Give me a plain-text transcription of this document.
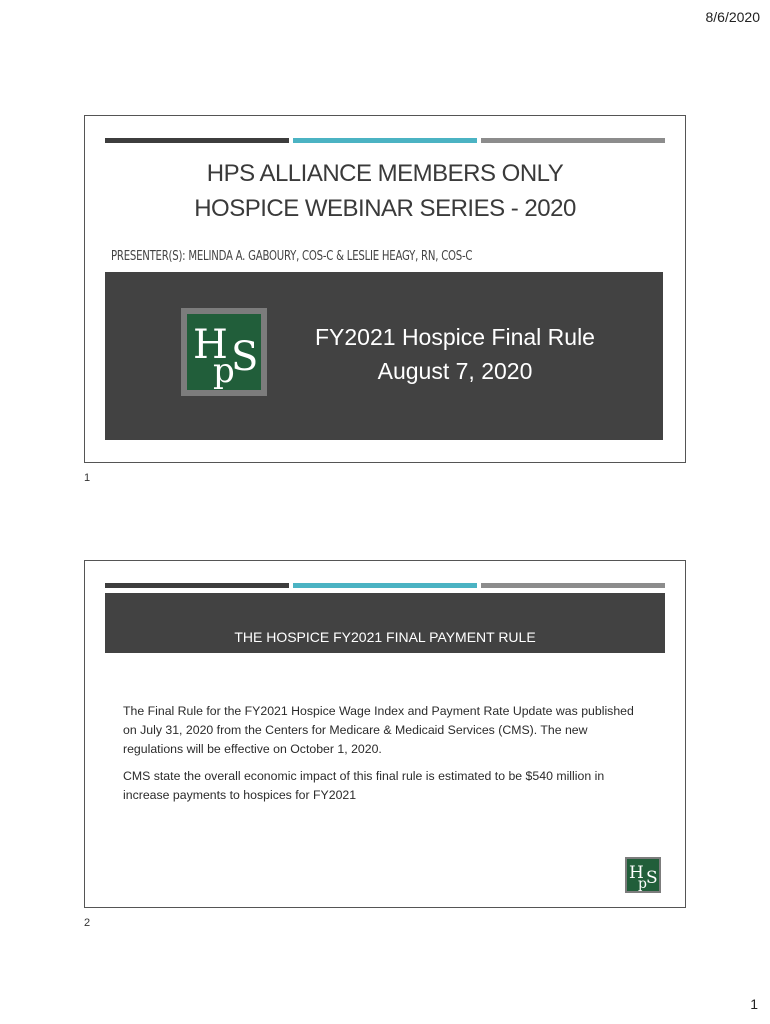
8/6/2020
HPS ALLIANCE MEMBERS ONLY
HOSPICE WEBINAR SERIES - 2020
PRESENTER(S): MELINDA A. GABOURY, COS-C & LESLIE HEAGY, RN, COS-C
H
p
S	FY2021 Hospice Final Rule
August 7, 2020
1
THE HOSPICE FY2021 FINAL PAYMENT RULE

The Final Rule for the FY2021 Hospice Wage Index and Payment Rate Update was published on July 31, 2020 from the Centers for Medicare & Medicaid Services (CMS). The new regulations will be effective on October 1, 2020.

CMS state the overall economic impact of this final rule is estimated to be $540 million in increase payments to hospices for FY2021

H
p S
2
1
